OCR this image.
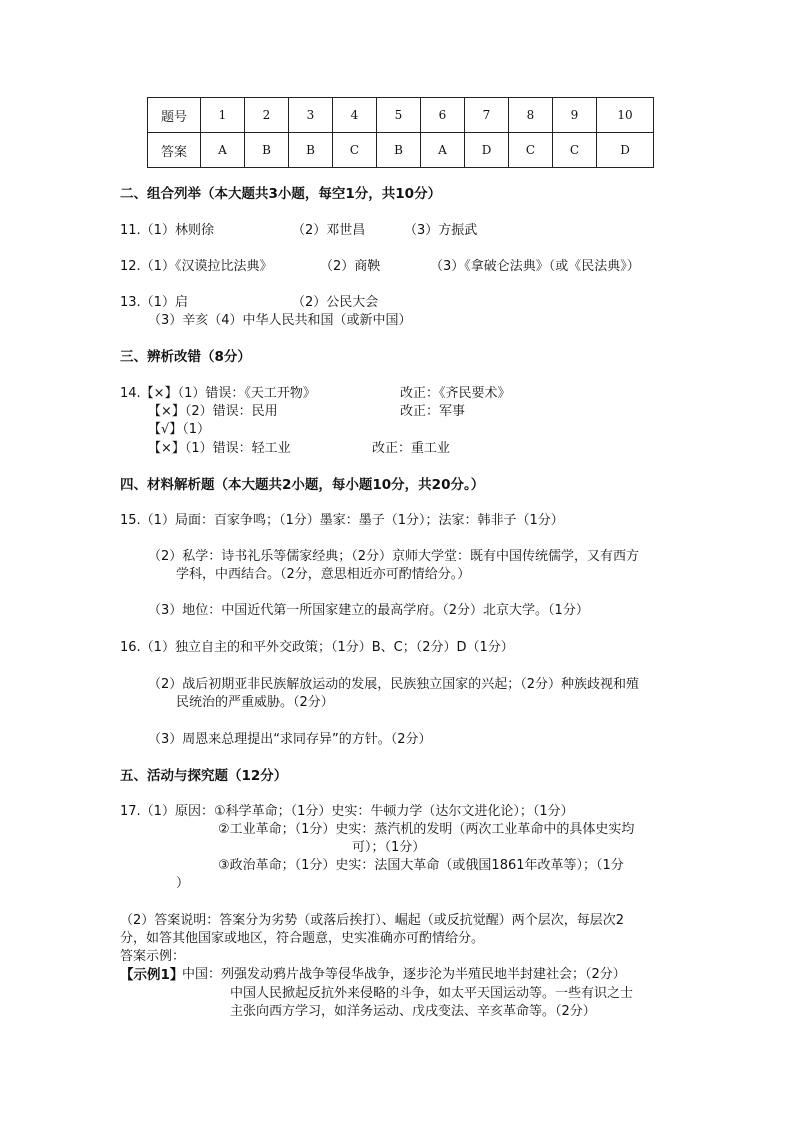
题号	1	2	3	4	5	6	7	8	9	10
答案	A	B	B	C	B	A	D	C	C	D
二、组合列举（本大题共3小题，每空1分，共10分）
11.（1）林则徐	（2）邓世昌	（3）方振武
12.（1）《汉谟拉比法典》	（2）商鞅	（3）《拿破仑法典》（或《民法典》）
13.（1）启	（2）公民大会
（3）辛亥（4）中华人民共和国（或新中国）
三、辨析改错（8分）
14.【×】（1）错误：《天工开物》	改正：《齐民要术》
【×】（2）错误：民用	改正：军事
【√】（1）
【×】（1）错误：轻工业	改正：重工业
四、材料解析题（本大题共2小题，每小题10分，共20分。）
15.（1）局面：百家争鸣；（1分）墨家：墨子（1分）；法家：韩非子（1分）
（2）私学：诗书礼乐等儒家经典；（2分）京师大学堂：既有中国传统儒学，又有西方
学科，中西结合。（2分，意思相近亦可酌情给分。）
（3）地位：中国近代第一所国家建立的最高学府。（2分）北京大学。（1分）
16.（1）独立自主的和平外交政策；（1分）B、C；（2分）D（1分）
（2）战后初期亚非民族解放运动的发展，民族独立国家的兴起；（2分）种族歧视和殖
民统治的严重威胁。（2分）
（3）周恩来总理提出“求同存异”的方针。（2分）
五、活动与探究题（12分）
17.（1）原因：①科学革命；（1分）史实：牛顿力学（达尔文进化论）；（1分）
②工业革命；（1分）史实：蒸汽机的发明（两次工业革命中的具体史实均
可）；（1分）
③政治革命；（1分）史实：法国大革命（或俄国1861年改革等）；（1分
）
（2）答案说明：答案分为劣势（或落后挨打）、崛起（或反抗觉醒）两个层次，每层次2
分，如答其他国家或地区，符合题意，史实准确亦可酌情给分。
答案示例：
【示例1】
中国：列强发动鸦片战争等侵华战争，逐步沦为半殖民地半封建社会；（2分）
中国人民掀起反抗外来侵略的斗争，如太平天国运动等。一些有识之士
主张向西方学习，如洋务运动、戊戌变法、辛亥革命等。（2分）
